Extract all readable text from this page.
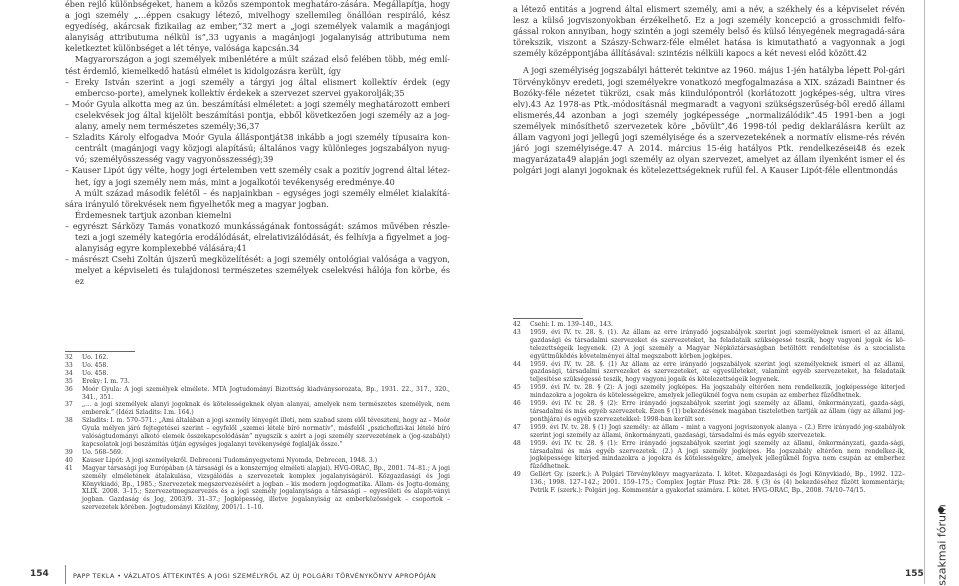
ében rejlő különbségeket, hanem a közös szempontok meghatáro-zására. Megállapítja, hogy a jogi személy „…éppen csakugy létező, mivelhogy szellemileg önállóan respiráló, kész egyedíség, akárcsak fizikailag az ember,”32 mert a „jogi személyek valamik a magánjogi alanyiság attributuma nélkül is”,33 ugyanis a magánjogi jogalanyiság attributuma nem keletkeztet különbséget a lét ténye, valósága kapcsán.34

Magyarországon a jogi személyek mibenlétére a múlt század első felében több, még emlí-tést érdemlő, kiemelkedő hatású elmélet is kidolgozásra került, így

– Ereky István szerint a jogi személy a tárgyi jog által elismert kollektív érdek (egy embercso-porte), amelynek kollektív érdekek a szervezet szervei gyakorolják;35

– Moór Gyula alkotta meg az ún. beszámítási elméletet: a jogi személy meghatározott emberi cselekvések jog által kijelölt beszámítási pontja, ebből következően jogi személy az a jog-alany, amely nem természetes személy;36,37

– Szladits Károly elfogadva Moór Gyula álláspontját38 inkább a jogi személy típusaira kon-centrált (magánjogi vagy közjogi alapítású; általános vagy különleges jogszabályon nyug-vó; személyösszesség vagy vagyonösszesség);39

– Kauser Lipót úgy vélte, hogy jogi értelemben vett személy csak a pozitív jogrend által létez-het, így a jogi személy nem más, mint a jogalkotói tevékenység eredménye.40

A múlt század második felétől – és napjainkban – egységes jogi személy elmélet kialakítá-sára irányuló törekvések nem figyelhetők meg a magyar jogban.

Érdemesnek tartjuk azonban kiemelni

– egyrészt Sárközy Tamás vonatkozó munkásságának fontosságát: számos művében részle-tezi a jogi személy kategória erodálódását, elrelativizálódását, és felhívja a figyelmet a jog-alanyiság egyre komplexebbé válására;41

– másrészt Csehi Zoltán újszerű megközelítését: a jogi személy ontológiai valósága a vagyon, melyet a képviseleti és tulajdonosi természetes személyek cselekvési hálója fon körbe, és ez

32	Uo. 162.
33	Uo. 458.
34	Uo. 458.
35	Ereky: I. m. 73.
36	Moór Gyula: A jogi személyek elmélete. MTA Jogtudományi Bizottság kiadványsorozata, Bp., 1931. 22., 317., 320., 341., 351.
37	„… a jogi személyek alanyi jogoknak és kötelességeknek olyan alanyai, amelyek nem természetes személyek, nem emberek.” (Idézi Szladits: I.m. 164.)
38	Szladits: I. m. 570–571.: „Ami általában a jogi személy lényegét illeti, nem szabad szem elől téveszteni, hogy az – Moór Gyula mélyen járó fejtegetései szerint – egyfelől „szemei lételé bíró normatív”, másfelől „pszichofizi-kai lételé bíró valóságtudományi alkotó elemek összekapcsolódásán” nyugszik s azért a jogi személy szervezetének a (jog-szabályi) kapcsolatok jogi beszámítás útján egységes jogalanyi tevékenységé foglalják össze.”
39	Uo. 568–569.
40	Kauser Lipót: A jogi személyekről. Debreceni Tudományegyetemi Nyomda, Debrecen, 1948. 3.)
41	Magyar társasági jog Európában (A társasági és a konszernjog elméleti alapjai). HVG-ORAC, Bp., 2001. 74–81.; A jogi személy elméletének átalakulása, vizsgálódás a szervezetek komplex jogalanyiságáról. Közgazdasági és Jogi Könyvkiadó, Bp., 1985.; Szervezetek megszervezéséért a jogban – kis modern jogdogmatika. Állam- és Jogtu-domány, XLIX. 2008. 3–15.; Szervezetmegszervezés és a jogi személy jogalanyisága a társasági – egyesületi és alapít-ványi jogban. Gazdaság és Jog, 2003/9. 31–37.; Jogképesség, illetve jogalanyiság az emberközösségek – csoportok – szervezetek körében. Jogtudományi Közlöny, 2001/1. 1–10.
154	PAPP TEKLA • VÁZLATOS ÁTTEKINTÉS A JOGI SZEMÉLYRŐL AZ ÚJ POLGÁRI TÖRVÉNYKÖNYV APROPÓJÁN

a létező entitás a jogrend által elismert személy, ami a név, a székhely és a képviselet révén lesz a külső jogviszonyokban érzékelhető. Ez a jogi személy koncepció a grosschmidi felfo-gással rokon annyiban, hogy szintén a jogi személy belső és külső lényegének megragadá-sára törekszik, viszont a Szászy-Schwarz-féle elmélet hatása is kimutatható a vagyonnak a jogi személy középpontjába állításával: szintézis nélküli kapocs a két nevesi előd között.42

A jogi személyiség jogszabályi hátterét tekintve az 1960. május 1-jén hatályba lépett Pol-gári Törvénykönyv eredeti, jogi személyekre vonatkozó megfogalmazása a XIX. századi Baintner és Bozóky-féle nézetet tükrözi, csak más kiindulópontról (korlátozott jogképes-ség, ultra vires elv).43 Az 1978-as Ptk.-módosításnál megmaradt a vagyoni szükségszerűség-ből eredő állami elismerés,44 azonban a jogi személy jogképessége „normalizálódik”.45 1991-ben a jogi személyek minősíthető szervezetek köre „bővült”,46 1998-tól pedig deklarálásra került az állam vagyoni jogi jellegű jogi személyisége és a szervezetekének a normatív elisme-rés révén járó jogi személyisége.47 A 2014. március 15-éig hatályos Ptk. rendelkezései48 és ezek magyarázata49 alapján jogi személy az olyan szervezet, amelyet az állam ilyenként ismer el és polgári jogi alanyi jogoknak és kötelezettségeknek rufúl fel. A Kauser Lipót-féle ellentmondás

42	Csehi: I. m. 139–140., 143.
43	1959. évi IV. tv. 28. §. (1). Az állam az erre irányadó jogszabályok szerint jogi személyeknek ismeri el az állami, gazdasági és társadalmi szervezeket és szervezeteket, ha feladataik szükségessé teszik, hogy vagyoni jogok és kö-telezettségeik legyenek. (2) A jogi személy a Magyar Népköztársaságban betöltött rendeltetése és a szocialista együttműködés követelményei által megszabott körben jogképes.
44	1959. évi IV. tv. 28. §. (1) Az állam az erre irányadó jogszabályok szerint jogi személyeknek ismeri el az állami, gazdasági, társadalmi szervezeket és szervezeteket, az egyesületeket, valamint egyéb szervezeteket, ha feladataik teljesítése szükségessé teszik, hogy vagyoni jogaik és kötelezettségeik legyenek.
45	1959. évi IV. tv. 28. § (2): A jogi személy jogképes. Ha jogszabály eltérően nem rendelkezik, jogképessége kiterjed mindazokra a jogokra és kötelességekre, amelyek jellegüknél fogva nem csupán az emberhez fűződhetnek.
46	1959. évi IV. tv. 28. § (2): Erre irányadó jogszabályok szerint jogi személy az állami, önkormányzati, gazda-sági, társadalmi és más egyéb szervezetek. Ezen § (1) bekezdésének magában tiszteletben tartják az állam (úgy az állami jog-ponthjára) és egyéb szervezetekkel: 1998-ban került sor.
47	1959. évi IV. tv. 28. § (1) Jogi személy: az állam – mint a vagyoni jogviszonyok alanya – (2.) Erre irányadó jog-szabályok szerint jogi személy az állami, önkormányzati, gazdasági, társadalmi és más egyéb szervezetek.
48	1959. évi IV. tv. 28. § (1): Erre irányadó jogszabályok szerint jogi személy az állami, önkormányzati, gazda-sági, társadalmi és más egyéb szervezetek. (2.) A jogi személy jogképes. Ha jogszabály eltérően nem rendelkez-ik, jogképessége kiterjed mindazokra a jogokra és kötelességekre, amelyek jellegüknél fogva nem csupán az emberhez fűződhetnek.
49	Gellért Gy. (szerk.): A Polgári Törvénykönyv magyarázata. I. kötet. Közgazdasági és Jogi Könyvkiadó, Bp., 1992. 122–136.; 1998. 127–142.; 2001. 159–175.; Complex Jogtár Plusz Ptk: 28. § (3) és (4) bekezdéséhez fűzött kommentárja; Petrik F. (szerk.): Polgári jog. Kommentár a gyakorlat számára. I. kötet. HVG-ORAC, Bp., 2008. 74/10–74/15.
155 szakmai fórum
